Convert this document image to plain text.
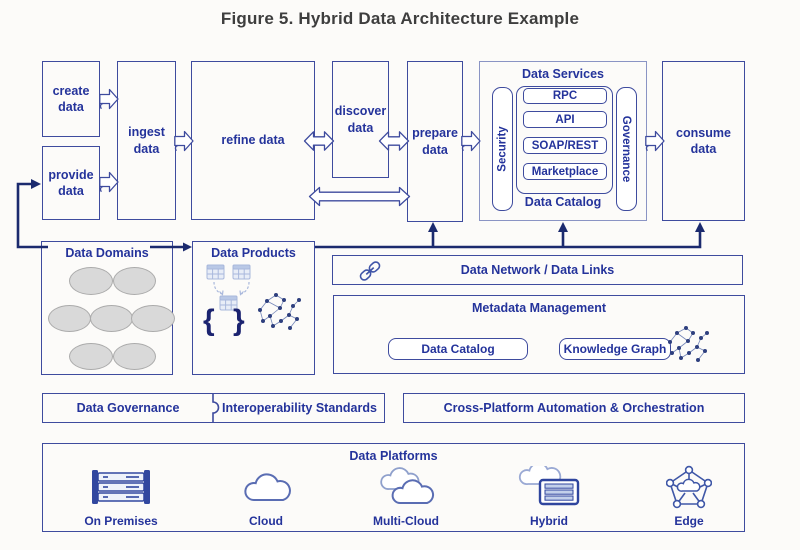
Figure 5. Hybrid Data Architecture Example
create data
provide data
ingest data
refine data
discover data	prepare data
Data Services
Security
RPC
API
SOAP/REST
Marketplace
Data Catalog
Governance	consume data
Data Domains	Data Products
{ }
Data Network / Data Links
Metadata Management
Data Catalog	Knowledge Graph
Data Governance	Interoperability Standards	Cross-Platform Automation & Orchestration
Data Platforms
On Premises	Cloud	Multi-Cloud	Hybrid	Edge
